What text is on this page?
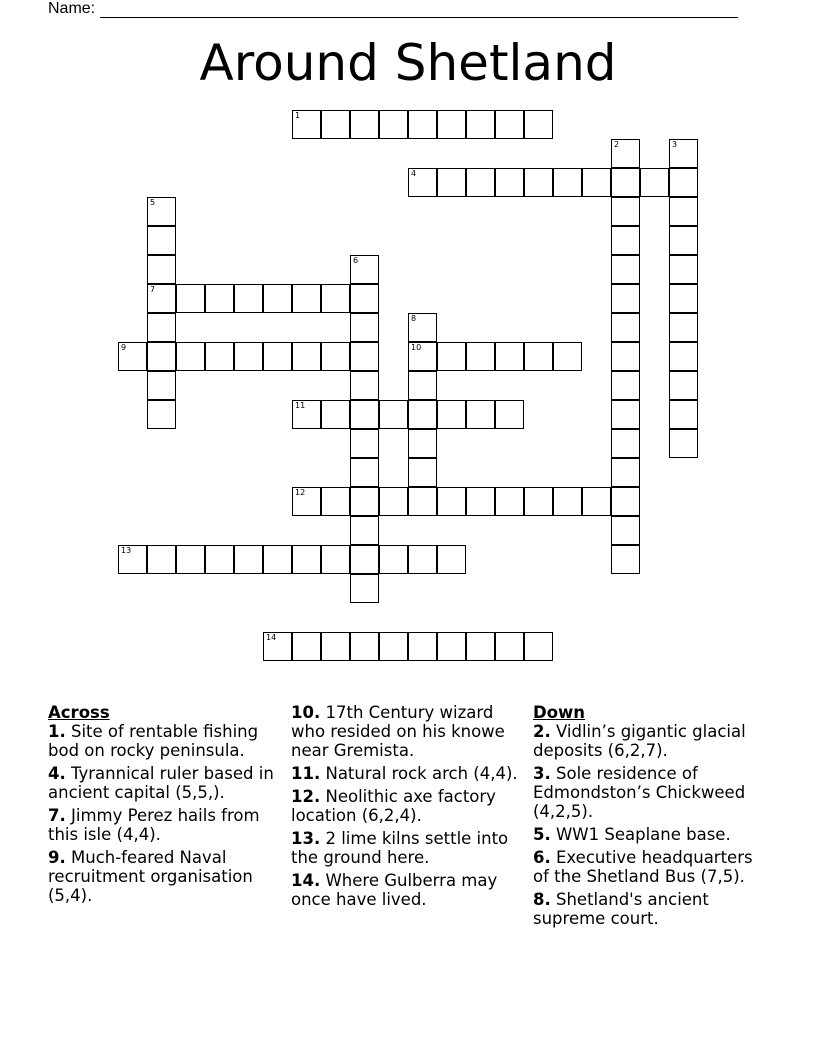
Name:
Around Shetland
1
2	3
4
5
7
6
8
10
9
11
12
13
14
Across
1. Site of rentable fishing bod on rocky peninsula.
4. Tyrannical ruler based in ancient capital (5,5,).
7. Jimmy Perez hails from this isle (4,4).
9. Much-feared Naval recruitment organisation (5,4).
10. 17th Century wizard who resided on his knowe near Gremista.
11. Natural rock arch (4,4).
12. Neolithic axe factory location (6,2,4).
13. 2 lime kilns settle into the ground here.
14. Where Gulberra may once have lived.
Down
2. Vidlin’s gigantic glacial deposits (6,2,7).
3. Sole residence of Edmondston’s Chickweed (4,2,5).
5. WW1 Seaplane base.
6. Executive headquarters of the Shetland Bus (7,5).
8. Shetland's ancient supreme court.
